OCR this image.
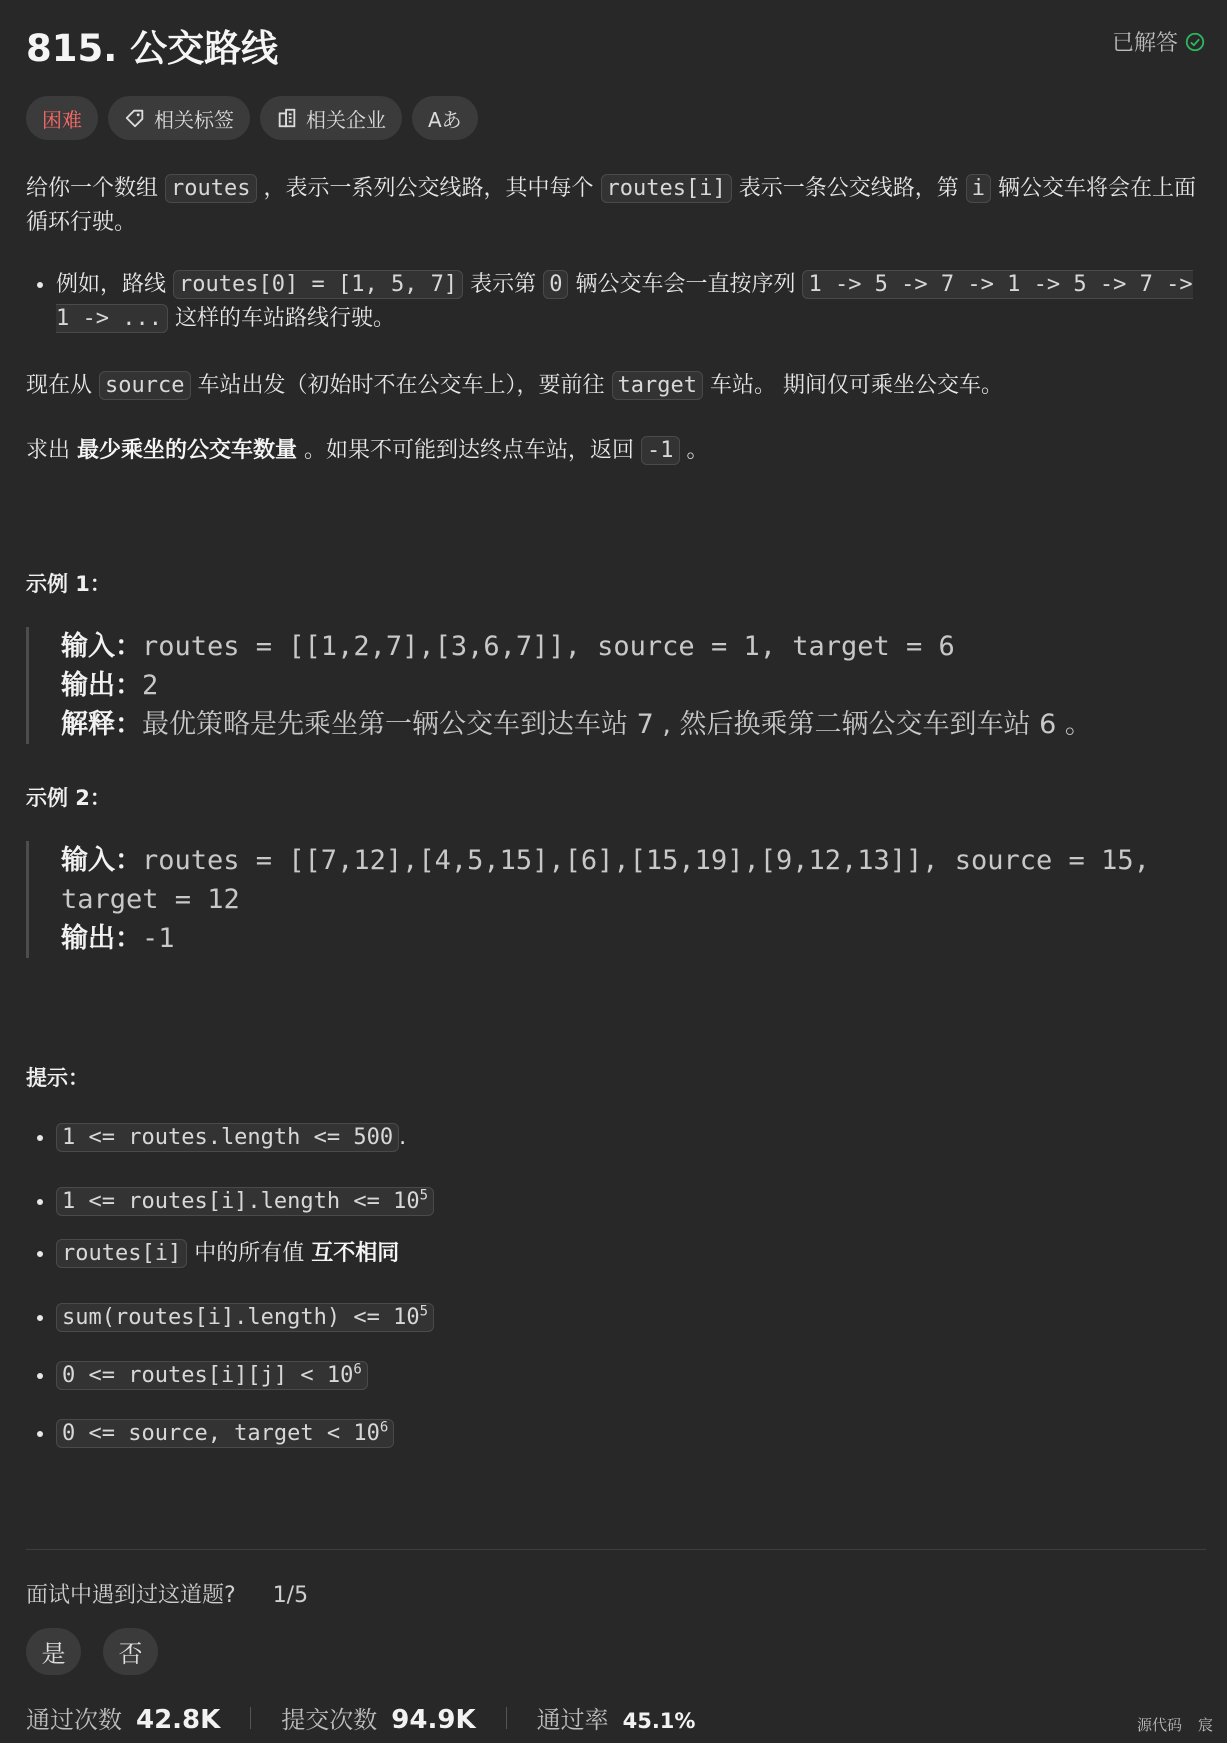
815. 公交路线	已解答
困难	相关标签	相关企业 Aあ
给你一个数组 routes ，表示一系列公交线路，其中每个 routes[i] 表示一条公交线路，第 i 辆公交车将会在上面循环行驶。
• 例如，路线 routes[0] = [1, 5, 7] 表示第 0 辆公交车会一直按序列 1 -> 5 -> 7 -> 1 -> 5 -> 7 -> 1 -> ... 这样的车站路线行驶。
现在从 source 车站出发（初始时不在公交车上），要前往 target 车站。 期间仅可乘坐公交车。
求出 最少乘坐的公交车数量 。如果不可能到达终点车站，返回 -1 。
示例 1：
输入：routes = [[1,2,7],[3,6,7]], source = 1, target = 6
输出：2
解释：最优策略是先乘坐第一辆公交车到达车站 7 , 然后换乘第二辆公交车到车站 6 。
示例 2：
输入：routes = [[7,12],[4,5,15],[6],[15,19],[9,12,13]], source = 15, target = 12
输出：-1
提示：
• 1 <= routes.length <= 500 .
• 1 <= routes[i].length <= $10^5$
• routes[i] 中的所有值 互不相同
• sum(routes[i].length) <= $10^5$
• 0 <= routes[i][j] < $10^6$
• 0 <= source, target < $10^6$
面试中遇到过这道题? 1/5
是	否
通过次数 42.8K	提交次数 94.9K	通过率 45.1%	源代码 宸
